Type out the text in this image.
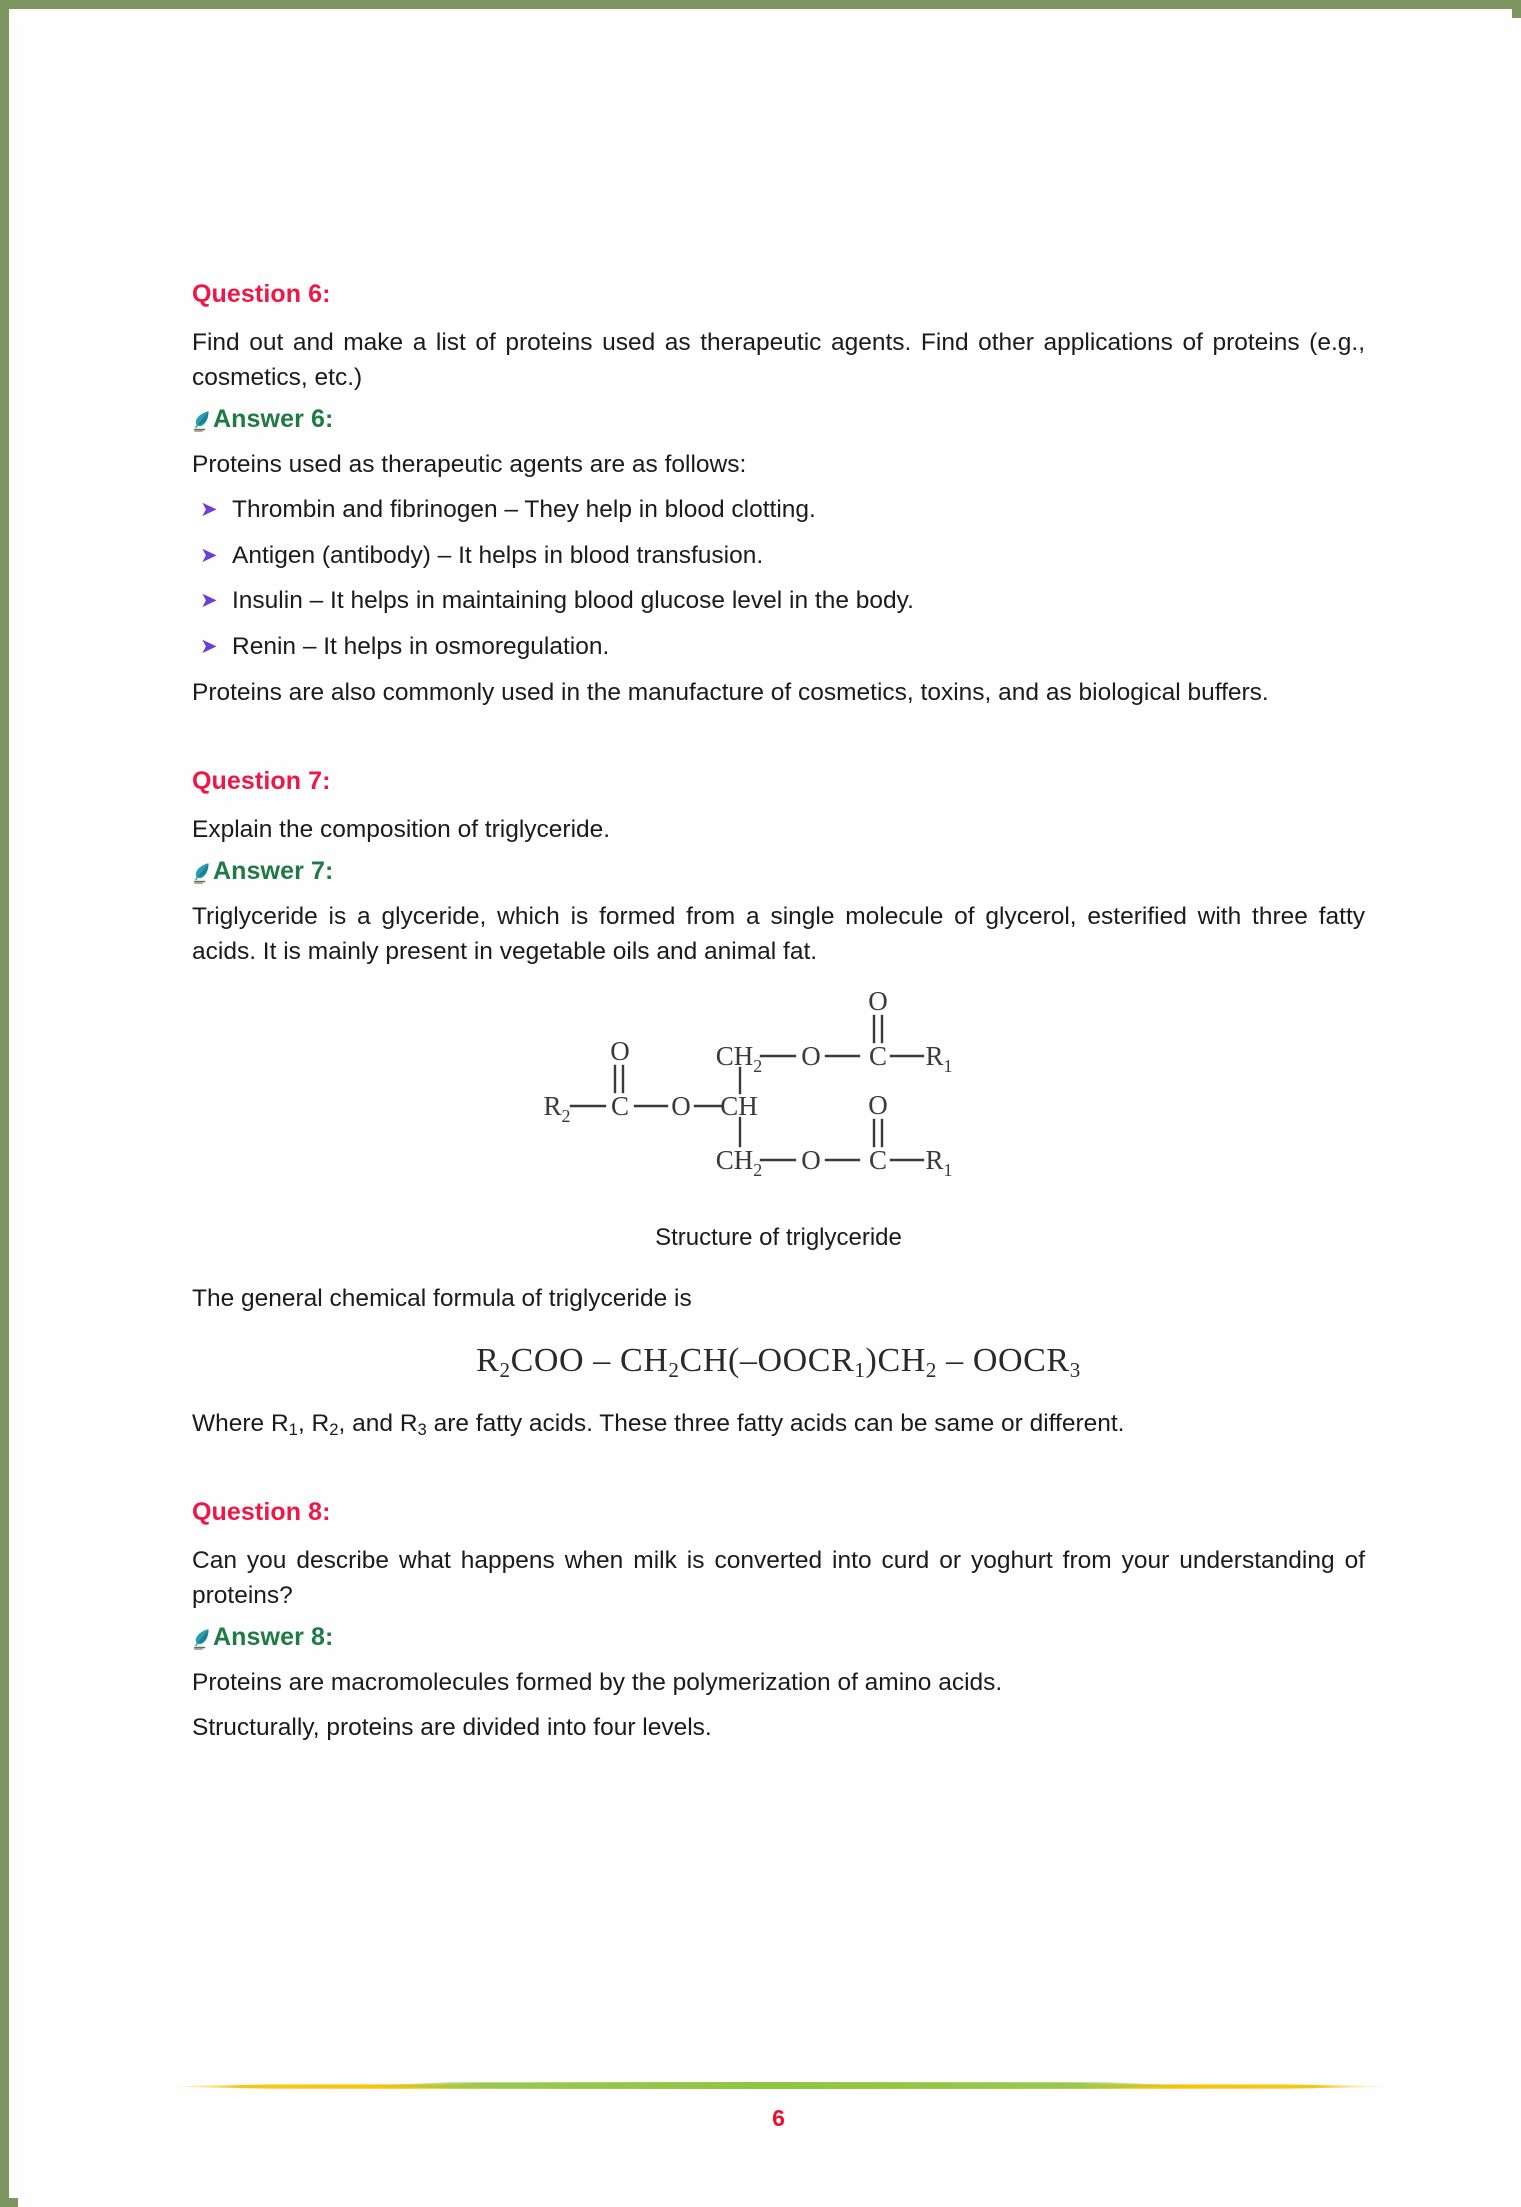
Question 6:

Find out and make a list of proteins used as therapeutic agents. Find other applications of proteins (e.g., cosmetics, etc.)

Answer 6:

Proteins used as therapeutic agents are as follows:

➤ Thrombin and fibrinogen – They help in blood clotting.
➤ Antigen (antibody) – It helps in blood transfusion.
➤ Insulin – It helps in maintaining blood glucose level in the body.
➤ Renin – It helps in osmoregulation.

Proteins are also commonly used in the manufacture of cosmetics, toxins, and as biological buffers.

Question 7:

Explain the composition of triglyceride.

Answer 7:

Triglyceride is a glyceride, which is formed from a single molecule of glycerol, esterified with three fatty acids. It is mainly present in vegetable oils and animal fat.

$CH_2$ O C $R_1$
O
$R_2$ C O CH
O
$CH_2$ O C $R_1$
O
Structure of triglyceride

The general chemical formula of triglyceride is

$R_2COO$ – $CH_2CH(-OOCR_1)CH_2$ – $OOCR_3$

Where $R_1$, $R_2$, and $R_3$ are fatty acids. These three fatty acids can be same or different.

Question 8:

Can you describe what happens when milk is converted into curd or yoghurt from your understanding of proteins?

Answer 8:

Proteins are macromolecules formed by the polymerization of amino acids.

Structurally, proteins are divided into four levels.

6
